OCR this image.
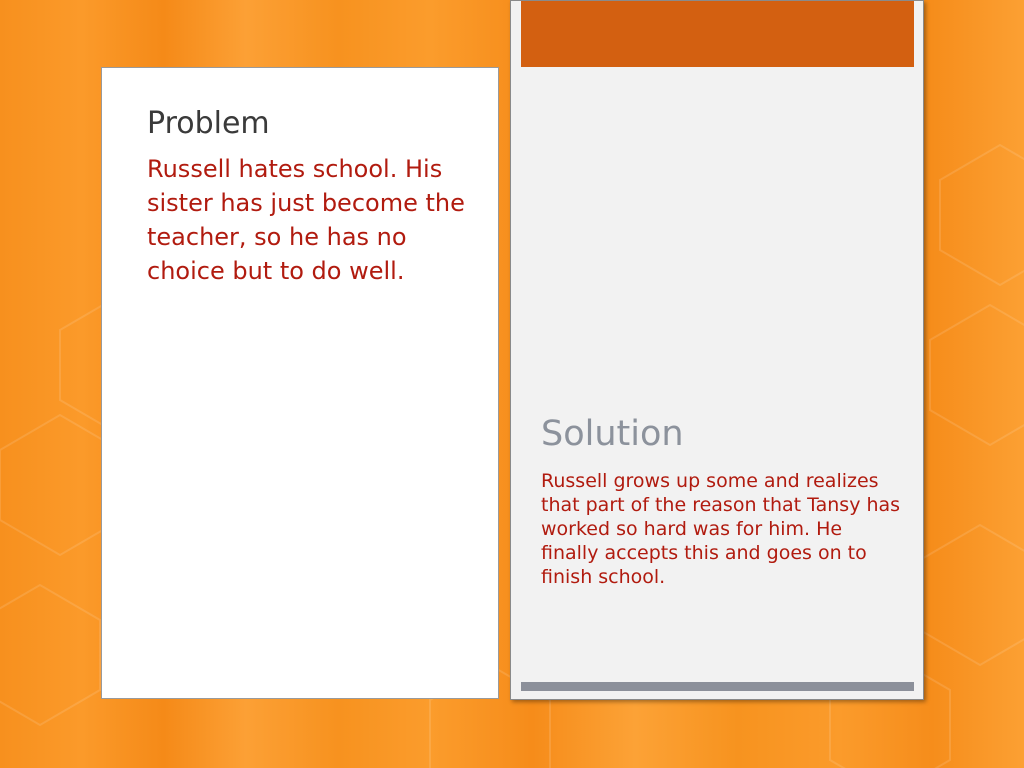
Problem
Russell hates school. His sister has just become the teacher, so he has no choice but to do well.
Solution
Russell grows up some and realizes that part of the reason that Tansy has worked so hard was for him. He finally accepts this and goes on to finish school.
